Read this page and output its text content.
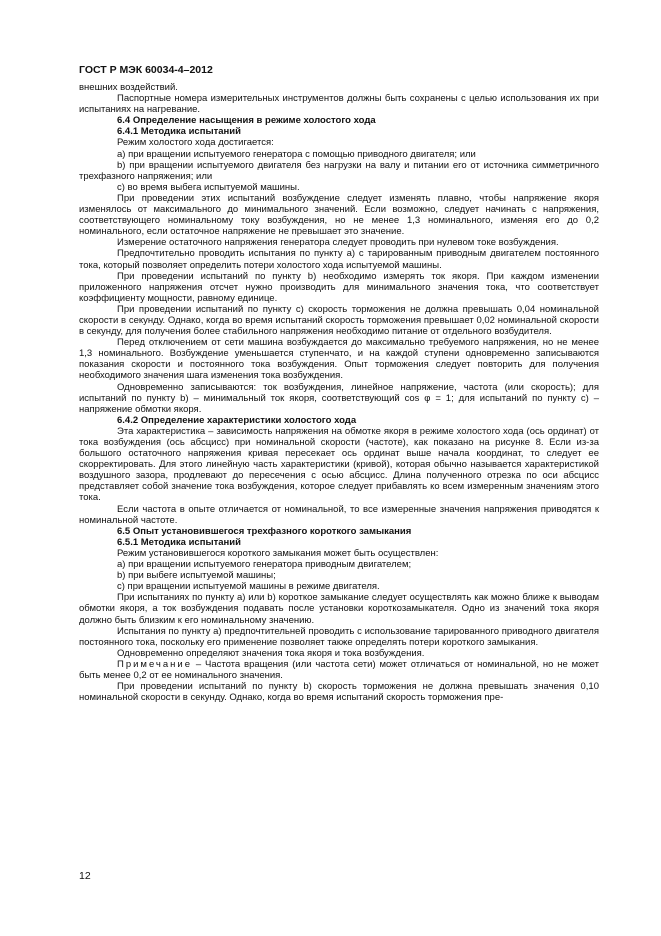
ГОСТ Р МЭК 60034-4–2012

внешних воздействий.

Паспортные номера измерительных инструментов должны быть сохранены с целью использования их при испытаниях на нагревание.

6.4 Определение насыщения в режиме холостого хода

6.4.1 Методика испытаний

Режим холостого хода достигается:

а) при вращении испытуемого генератора с помощью приводного двигателя; или

b) при вращении испытуемого двигателя без нагрузки на валу и питании его от источника симметричного трехфазного напряжения; или

с) во время выбега испытуемой машины.

При проведении этих испытаний возбуждение следует изменять плавно, чтобы напряжение якоря изменялось от максимального до минимального значений. Если возможно, следует начинать с напряжения, соответствующего номинальному току возбуждения, но не менее 1,3 номинального, изменяя его до 0,2 номинального, если остаточное напряжение не превышает это значение.

Измерение остаточного напряжения генератора следует проводить при нулевом токе возбуждения.

Предпочтительно проводить испытания по пункту а) с тарированным приводным двигателем постоянного тока, который позволяет определить потери холостого хода испытуемой машины.

При проведении испытаний по пункту b) необходимо измерять ток якоря. При каждом изменении приложенного напряжения отсчет нужно производить для минимального значения тока, что соответствует коэффициенту мощности, равному единице.

При проведении испытаний по пункту с) скорость торможения не должна превышать 0,04 номинальной скорости в секунду. Однако, когда во время испытаний скорость торможения превышает 0,02 номинальной скорости в секунду, для получения более стабильного напряжения необходимо питание от отдельного возбудителя.

Перед отключением от сети машина возбуждается до максимально требуемого напряжения, но не менее 1,3 номинального. Возбуждение уменьшается ступенчато, и на каждой ступени одновременно записываются показания скорости и постоянного тока возбуждения. Опыт торможения следует повторить для получения необходимого значения шага изменения тока возбуждения.

Одновременно записываются: ток возбуждения, линейное напряжение, частота (или скорость); для испытаний по пункту b) – минимальный ток якоря, соответствующий cos φ = 1; для испытаний по пункту с) – напряжение обмотки якоря.

6.4.2 Определение характеристики холостого хода

Эта характеристика – зависимость напряжения на обмотке якоря в режиме холостого хода (ось ординат) от тока возбуждения (ось абсцисс) при номинальной скорости (частоте), как показано на рисунке 8. Если из-за большого остаточного напряжения кривая пересекает ось ординат выше начала координат, то следует ее скорректировать. Для этого линейную часть характеристики (кривой), которая обычно называется характеристикой воздушного зазора, продлевают до пересечения с осью абсцисс. Длина полученного отрезка по оси абсцисс представляет собой значение тока возбуждения, которое следует прибавлять ко всем измеренным значениям этого тока.

Если частота в опыте отличается от номинальной, то все измеренные значения напряжения приводятся к номинальной частоте.

6.5 Опыт установившегося трехфазного короткого замыкания

6.5.1 Методика испытаний

Режим установившегося короткого замыкания может быть осуществлен:

а) при вращении испытуемого генератора приводным двигателем;

b) при выбеге испытуемой машины;

с) при вращении испытуемой машины в режиме двигателя.

При испытаниях по пункту а) или b) короткое замыкание следует осуществлять как можно ближе к выводам обмотки якоря, а ток возбуждения подавать после установки короткозамыкателя. Одно из значений тока якоря должно быть близким к его номинальному значению.

Испытания по пункту а) предпочтительней проводить с использование тарированного приводного двигателя постоянного тока, поскольку его применение позволяет также определять потери короткого замыкания.

Одновременно определяют значения тока якоря и тока возбуждения.

Примечание – Частота вращения (или частота сети) может отличаться от номинальной, но не может быть менее 0,2 от ее номинального значения.

При проведении испытаний по пункту b) скорость торможения не должна превышать значения 0,10 номинальной скорости в секунду. Однако, когда во время испытаний скорость торможения пре-

12
